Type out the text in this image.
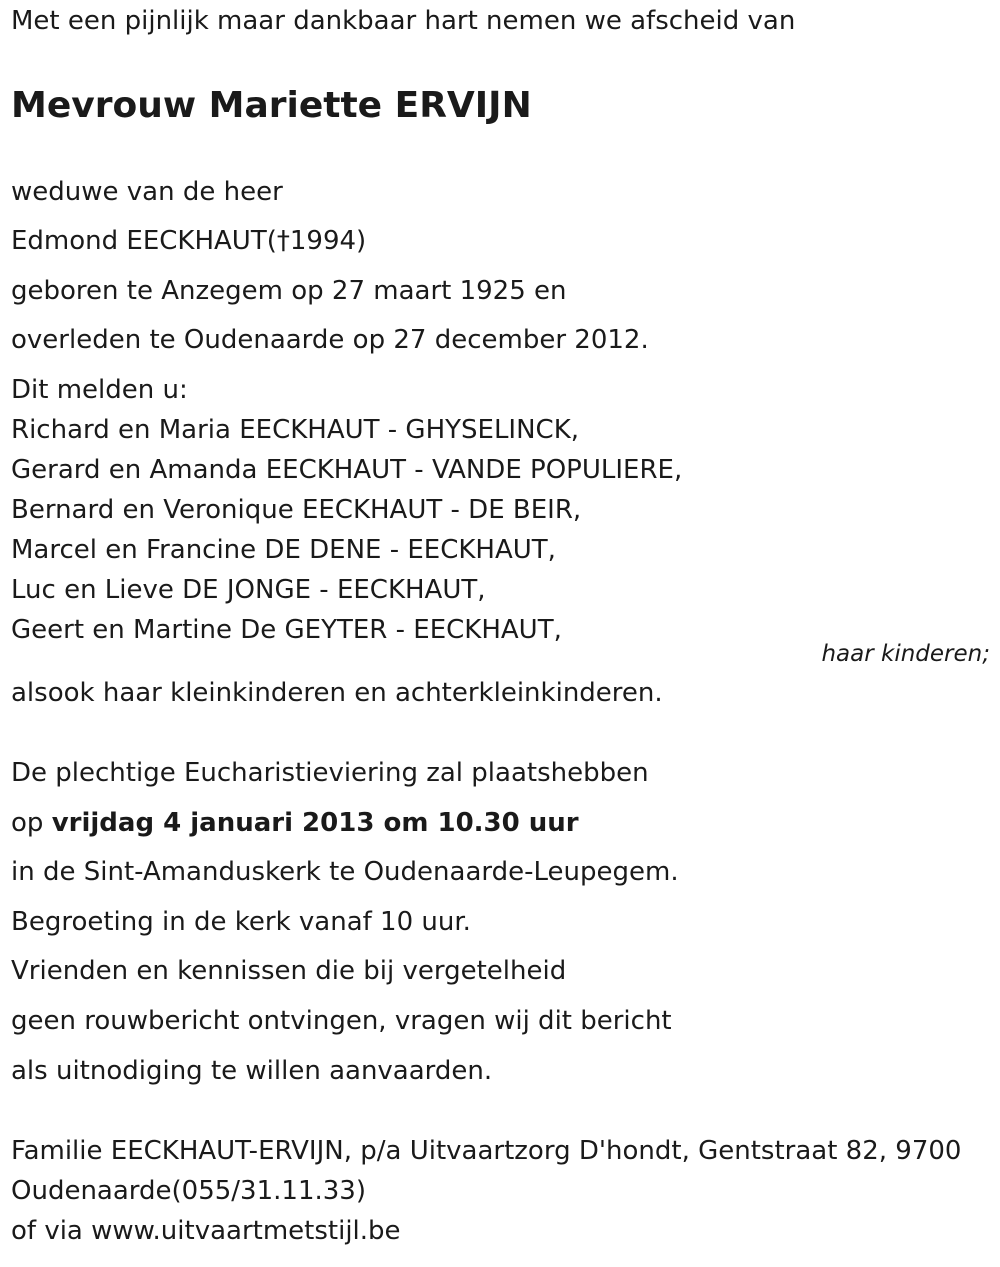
Met een pijnlijk maar dankbaar hart nemen we afscheid van
Mevrouw Mariette ERVIJN
weduwe van de heer
Edmond EECKHAUT(†1994)
geboren te Anzegem op 27 maart 1925 en
overleden te Oudenaarde op 27 december 2012.
Dit melden u:
Richard en Maria EECKHAUT - GHYSELINCK,
Gerard en Amanda EECKHAUT - VANDE POPULIERE,
Bernard en Veronique EECKHAUT - DE BEIR,
Marcel en Francine DE DENE - EECKHAUT,
Luc en Lieve DE JONGE - EECKHAUT,
Geert en Martine De GEYTER - EECKHAUT,
haar kinderen;
alsook haar kleinkinderen en achterkleinkinderen.
De plechtige Eucharistieviering zal plaatshebben
op vrijdag 4 januari 2013 om 10.30 uur
in de Sint-Amanduskerk te Oudenaarde-Leupegem.
Begroeting in de kerk vanaf 10 uur.
Vrienden en kennissen die bij vergetelheid
geen rouwbericht ontvingen, vragen wij dit bericht
als uitnodiging te willen aanvaarden.
Familie EECKHAUT-ERVIJN, p/a Uitvaartzorg D'hondt, Gentstraat 82, 9700
Oudenaarde(055/31.11.33)
of via www.uitvaartmetstijl.be
